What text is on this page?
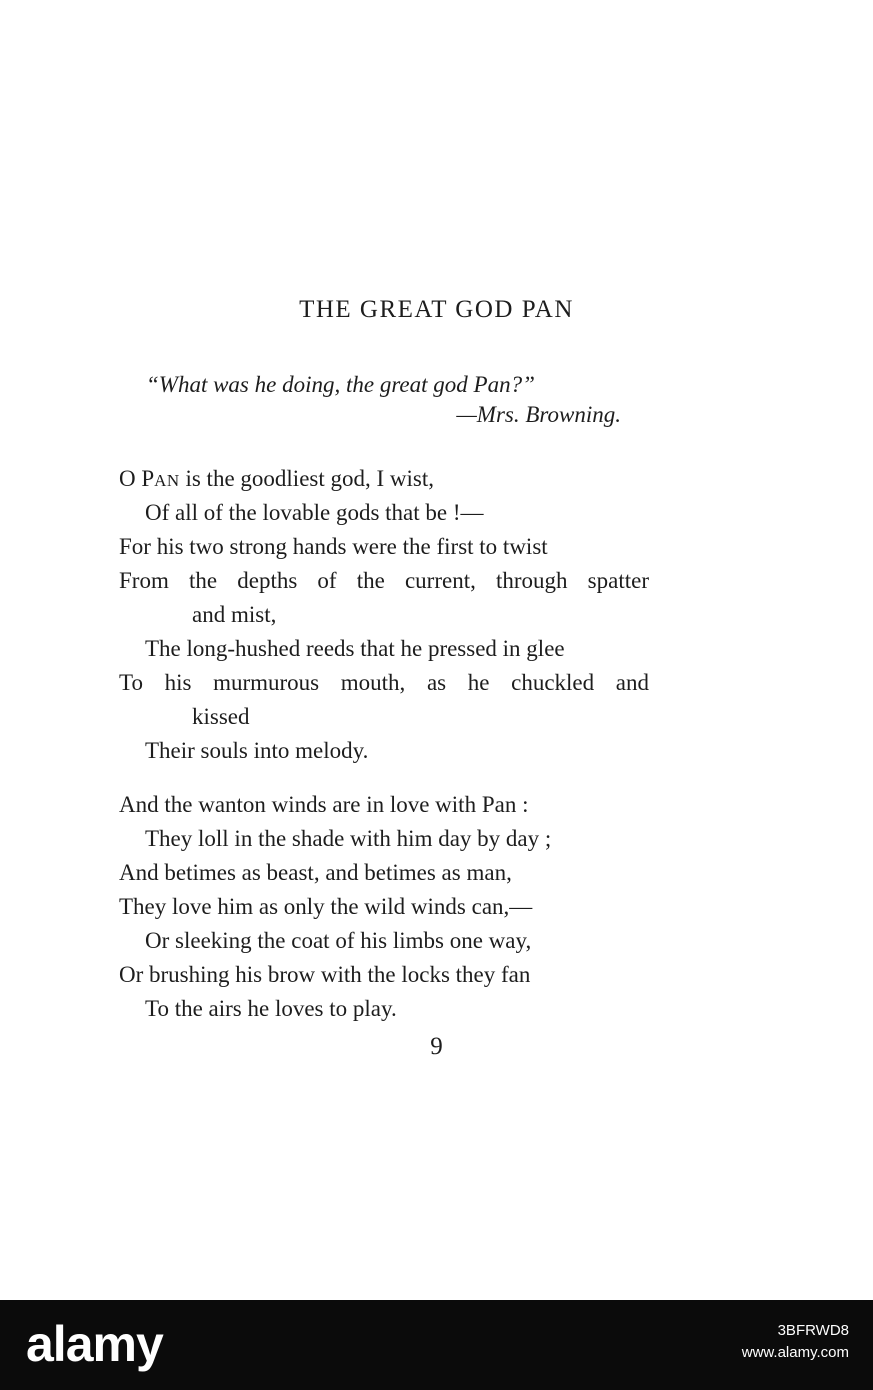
THE GREAT GOD PAN

“What was he doing, the great god Pan?”

—Mrs. Browning.

O PAN is the goodliest god, I wist,
Of all of the lovable gods that be !—
For his two strong hands were the first to twist
From the depths of the current, through spatter
and mist,
The long-hushed reeds that he pressed in glee
To his murmurous mouth, as he chuckled and
kissed
Their souls into melody.
And the wanton winds are in love with Pan :
They loll in the shade with him day by day ;
And betimes as beast, and betimes as man,
They love him as only the wild winds can,—
Or sleeking the coat of his limbs one way,
Or brushing his brow with the locks they fan
To the airs he loves to play.

9

alamy	3BFRWD8
www.alamy.com
